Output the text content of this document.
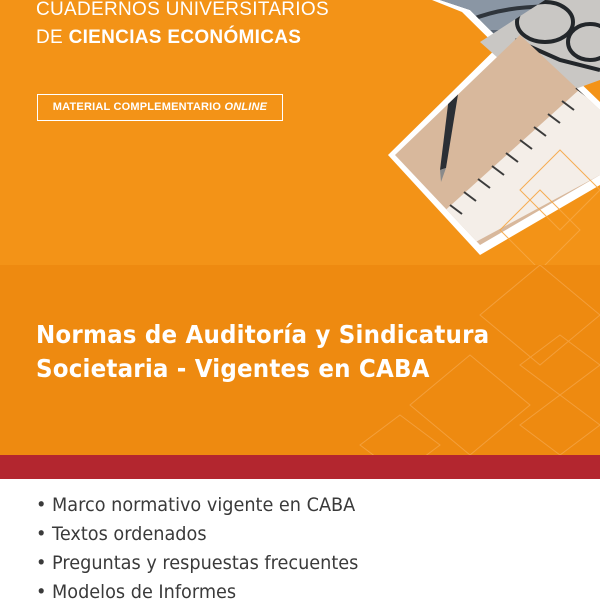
CUADERNOS UNIVERSITARIOS
DE CIENCIAS ECONÓMICAS
MATERIAL COMPLEMENTARIO ONLINE
Normas de Auditoría y Sindicatura
Societaria - Vigentes en CABA
• Marco normativo vigente en CABA
• Textos ordenados
• Preguntas y respuestas frecuentes
• Modelos de Informes
